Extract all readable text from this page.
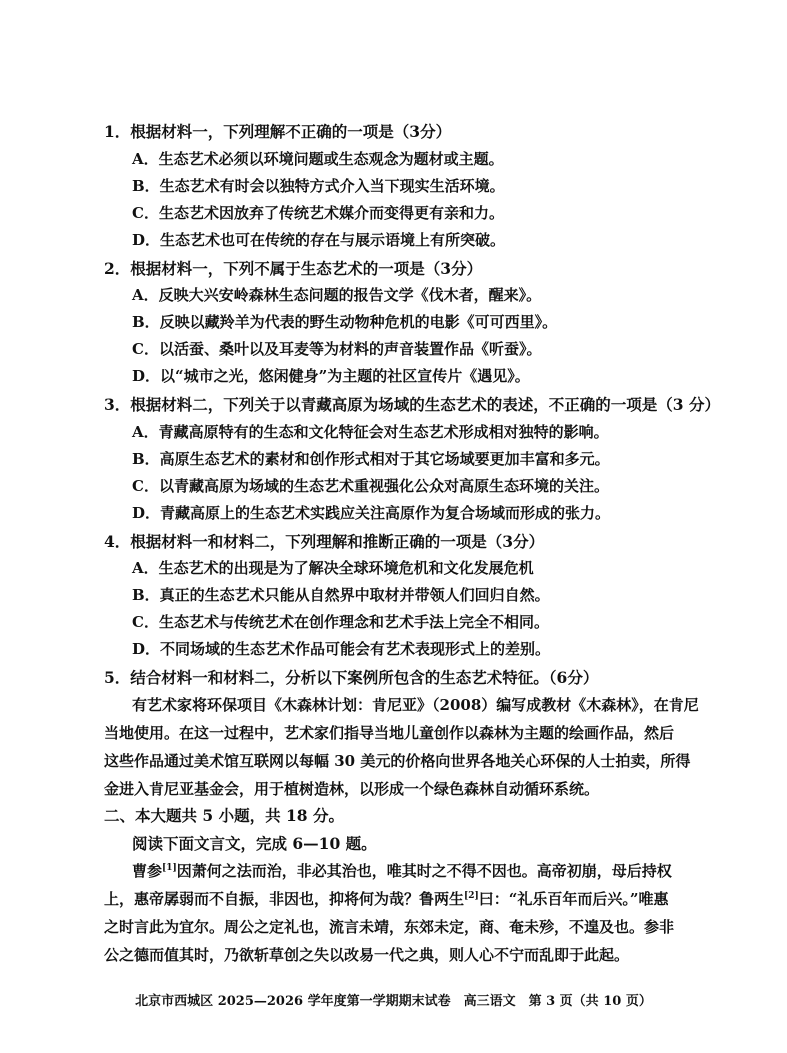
1．根据材料一，下列理解不正确的一项是（3分）
A．生态艺术必须以环境问题或生态观念为题材或主题。
B．生态艺术有时会以独特方式介入当下现实生活环境。
C．生态艺术因放弃了传统艺术媒介而变得更有亲和力。
D．生态艺术也可在传统的存在与展示语境上有所突破。
2．根据材料一，下列不属于生态艺术的一项是（3分）
A．反映大兴安岭森林生态问题的报告文学《伐木者，醒来》。
B．反映以藏羚羊为代表的野生动物种危机的电影《可可西里》。
C．以活蚕、桑叶以及耳麦等为材料的声音装置作品《听蚕》。
D．以“城市之光，悠闲健身”为主题的社区宣传片《遇见》。
3．根据材料二，下列关于以青藏高原为场域的生态艺术的表述，不正确的一项是（3 分）
A．青藏高原特有的生态和文化特征会对生态艺术形成相对独特的影响。
B．高原生态艺术的素材和创作形式相对于其它场域要更加丰富和多元。
C．以青藏高原为场域的生态艺术重视强化公众对高原生态环境的关注。
D．青藏高原上的生态艺术实践应关注高原作为复合场域而形成的张力。
4．根据材料一和材料二，下列理解和推断正确的一项是（3分）
A．生态艺术的出现是为了解决全球环境危机和文化发展危机
B．真正的生态艺术只能从自然界中取材并带领人们回归自然。
C．生态艺术与传统艺术在创作理念和艺术手法上完全不相同。
D．不同场域的生态艺术作品可能会有艺术表现形式上的差别。
5．结合材料一和材料二，分析以下案例所包含的生态艺术特征。（6分）
有艺术家将环保项目《木森林计划：肯尼亚》（2008）编写成教材《木森林》，在肯尼
当地使用。在这一过程中，艺术家们指导当地儿童创作以森林为主题的绘画作品，然后
这些作品通过美术馆互联网以每幅 30 美元的价格向世界各地关心环保的人士拍卖，所得
金进入肯尼亚基金会，用于植树造林，以形成一个绿色森林自动循环系统。
二、本大题共 5 小题，共 18 分。
阅读下面文言文，完成 6—10 题。
曹参[1]因萧何之法而治，非必其治也，唯其时之不得不因也。高帝初崩，母后持权
上，惠帝孱弱而不自振，非因也，抑将何为哉？鲁两生[2]曰：“礼乐百年而后兴。”唯惠
之时言此为宜尔。周公之定礼也，流言未靖，东郊未定，商、奄未殄，不遑及也。参非
公之德而值其时，乃欲斩草创之失以改易一代之典，则人心不宁而乱即于此起。
北京市西城区 2025—2026 学年度第一学期期末试卷　高三语文　第 3 页（共 10 页）
